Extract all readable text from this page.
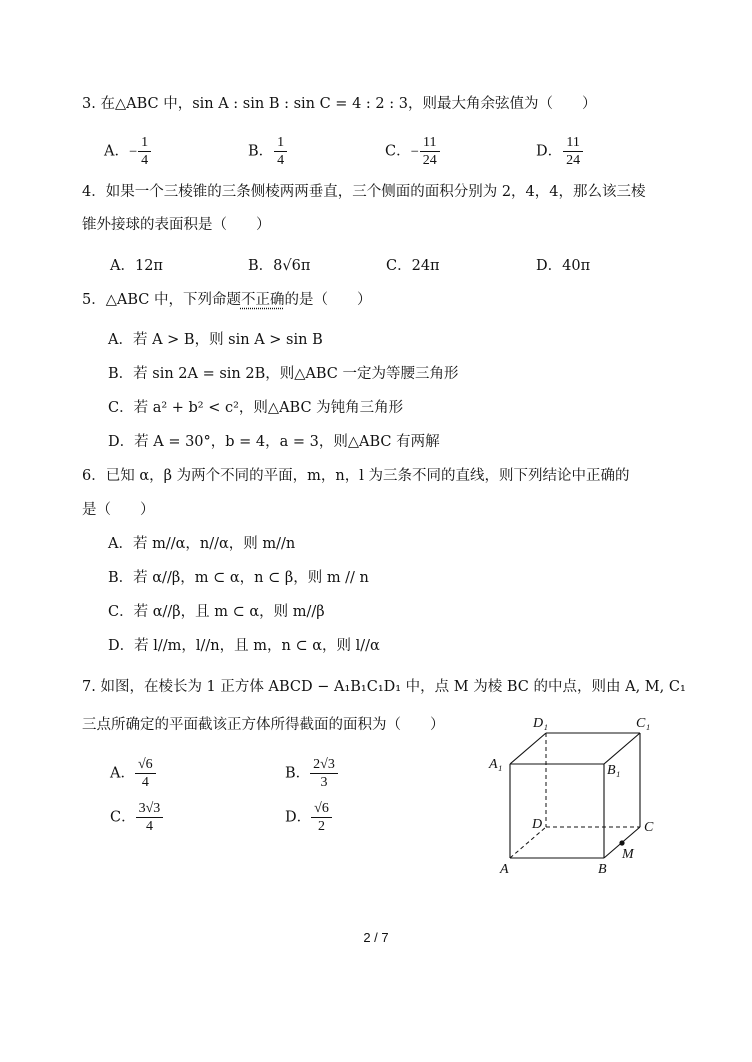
3. 在△ABC 中，sin A : sin B : sin C = 4 : 2 : 3，则最大角余弦值为（　　）
A．− $\frac{1}{4}$	B． $\frac{1}{4}$	C．− $\frac{11}{24}$	D． $\frac{11}{24}$
4．如果一个三棱锥的三条侧棱两两垂直，三个侧面的面积分别为 2，4，4，那么该三棱
锥外接球的表面积是（　　）
A．12π	B．8√6π	C．24π	D．40π
5．△ABC 中，下列命题不正确的是（　　）
A．若 A > B，则 sin A > sin B
B．若 sin 2A = sin 2B，则△ABC 一定为等腰三角形
C．若 a² + b² < c²，则△ABC 为钝角三角形
D．若 A = 30°，b = 4，a = 3，则△ABC 有两解
6．已知 α，β 为两个不同的平面，m，n，l 为三条不同的直线，则下列结论中正确的
是（　　）
A．若 m//α，n//α，则 m//n
B．若 α//β，m ⊂ α，n ⊂ β，则 m // n
C．若 α//β，且 m ⊂ α，则 m//β
D．若 l//m，l//n，且 m，n ⊂ α，则 l//α
7. 如图，在棱长为 1 正方体 ABCD − A₁B₁C₁D₁ 中，点 M 为棱 BC 的中点，则由 A, M, C₁
三点所确定的平面截该正方体所得截面的面积为（　　）
A． $\frac{√6}{4}$	B． $\frac{2√3}{3}$
C． $\frac{3√3}{4}$	D． $\frac{√6}{2}$
D₁	C₁
A₁	B₁
D	C
M
A	B
2 / 7
